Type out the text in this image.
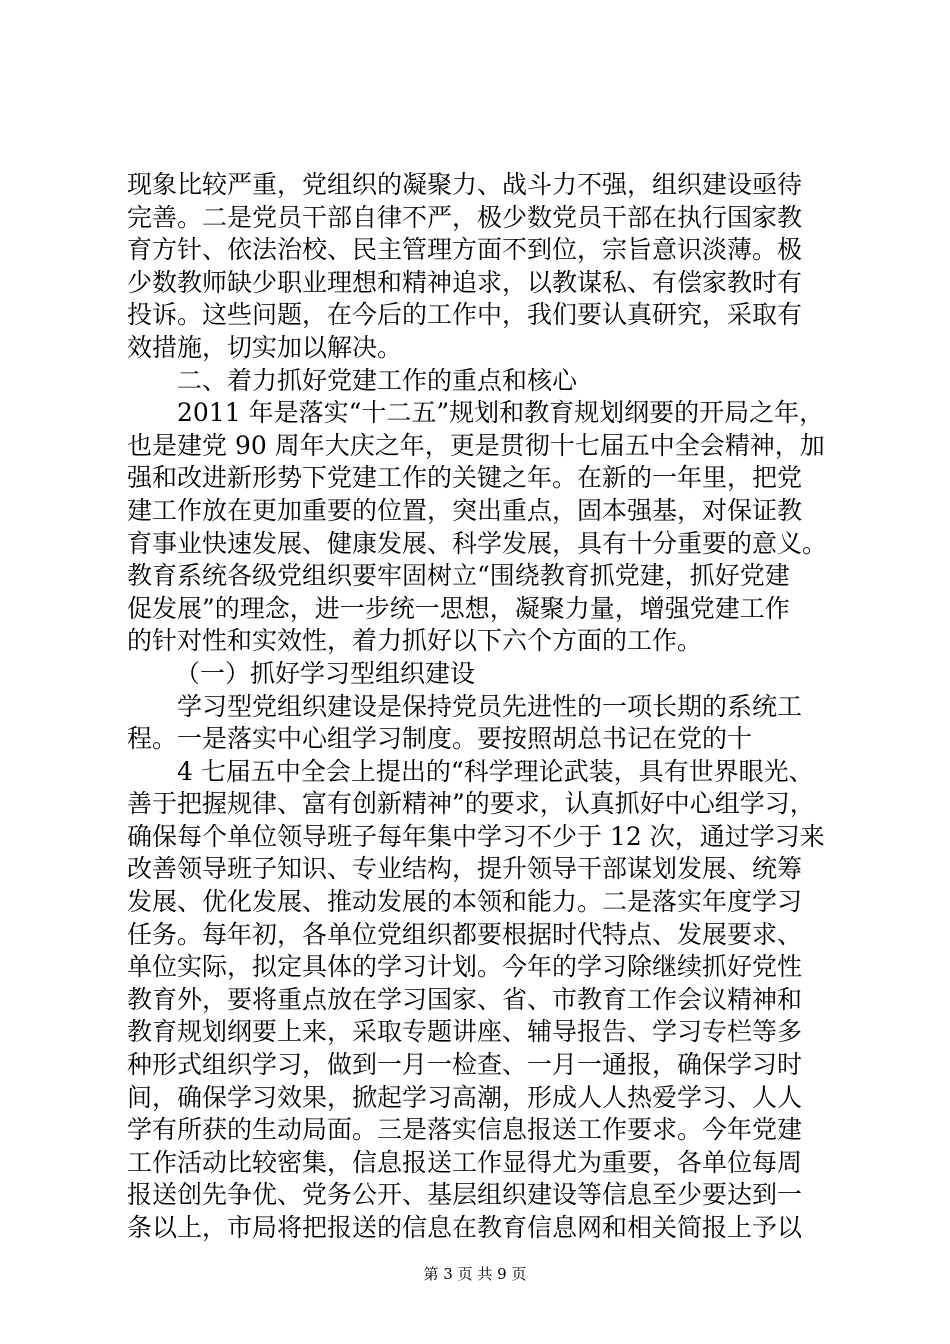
现象比较严重，党组织的凝聚力、战斗力不强，组织建设亟待
完善。二是党员干部自律不严，极少数党员干部在执行国家教
育方针、依法治校、民主管理方面不到位，宗旨意识淡薄。极
少数教师缺少职业理想和精神追求，以教谋私、有偿家教时有
投诉。这些问题，在今后的工作中，我们要认真研究，采取有
效措施，切实加以解决。
二、着力抓好党建工作的重点和核心
2011 年是落实“十二五”规划和教育规划纲要的开局之年，
也是建党 90 周年大庆之年，更是贯彻十七届五中全会精神，加
强和改进新形势下党建工作的关键之年。在新的一年里，把党
建工作放在更加重要的位置，突出重点，固本强基，对保证教
育事业快速发展、健康发展、科学发展，具有十分重要的意义。
教育系统各级党组织要牢固树立“围绕教育抓党建，抓好党建
促发展”的理念，进一步统一思想，凝聚力量，增强党建工作
的针对性和实效性，着力抓好以下六个方面的工作。
（一）抓好学习型组织建设
学习型党组织建设是保持党员先进性的一项长期的系统工
程。一是落实中心组学习制度。要按照胡总书记在党的十
4 七届五中全会上提出的“科学理论武装，具有世界眼光、
善于把握规律、富有创新精神”的要求，认真抓好中心组学习，
确保每个单位领导班子每年集中学习不少于 12 次，通过学习来
改善领导班子知识、专业结构，提升领导干部谋划发展、统筹
发展、优化发展、推动发展的本领和能力。二是落实年度学习
任务。每年初，各单位党组织都要根据时代特点、发展要求、
单位实际，拟定具体的学习计划。今年的学习除继续抓好党性
教育外，要将重点放在学习国家、省、市教育工作会议精神和
教育规划纲要上来，采取专题讲座、辅导报告、学习专栏等多
种形式组织学习，做到一月一检查、一月一通报，确保学习时
间，确保学习效果，掀起学习高潮，形成人人热爱学习、人人
学有所获的生动局面。三是落实信息报送工作要求。今年党建
工作活动比较密集，信息报送工作显得尤为重要，各单位每周
报送创先争优、党务公开、基层组织建设等信息至少要达到一
条以上，市局将把报送的信息在教育信息网和相关简报上予以
第 3 页 共 9 页
